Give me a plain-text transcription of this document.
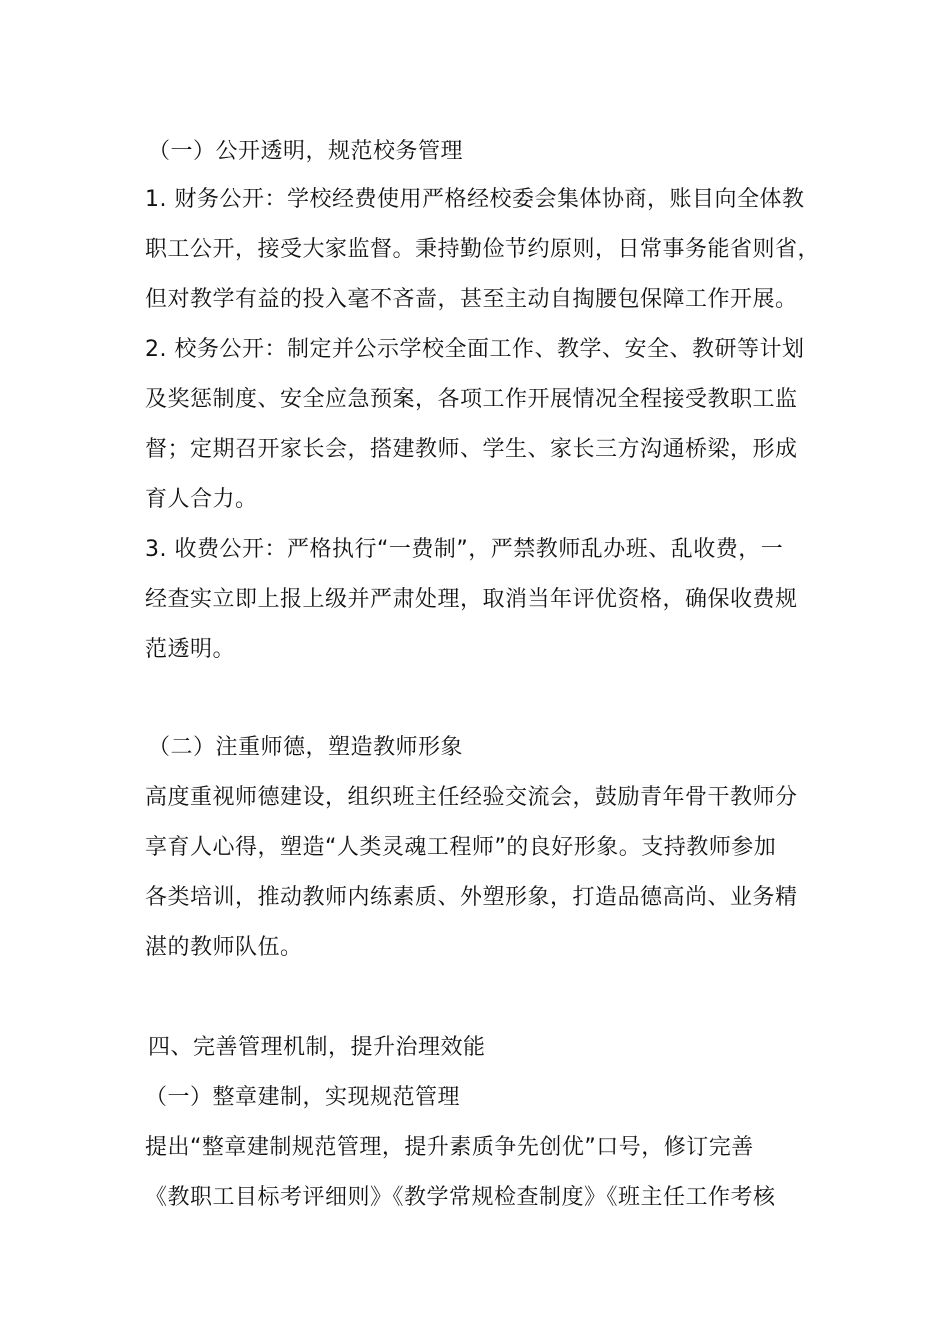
（一）公开透明，规范校务管理
1. 财务公开：学校经费使用严格经校委会集体协商，账目向全体教
职工公开，接受大家监督。秉持勤俭节约原则，日常事务能省则省，
但对教学有益的投入毫不吝啬，甚至主动自掏腰包保障工作开展。
2. 校务公开：制定并公示学校全面工作、教学、安全、教研等计划
及奖惩制度、安全应急预案，各项工作开展情况全程接受教职工监
督；定期召开家长会，搭建教师、学生、家长三方沟通桥梁，形成
育人合力。
3. 收费公开：严格执行“一费制”，严禁教师乱办班、乱收费，一
经查实立即上报上级并严肃处理，取消当年评优资格，确保收费规
范透明。
（二）注重师德，塑造教师形象
高度重视师德建设，组织班主任经验交流会，鼓励青年骨干教师分
享育人心得，塑造“人类灵魂工程师”的良好形象。支持教师参加
各类培训，推动教师内练素质、外塑形象，打造品德高尚、业务精
湛的教师队伍。
四、完善管理机制，提升治理效能
（一）整章建制，实现规范管理
提出“整章建制规范管理，提升素质争先创优”口号，修订完善
《教职工目标考评细则》《教学常规检查制度》《班主任工作考核
